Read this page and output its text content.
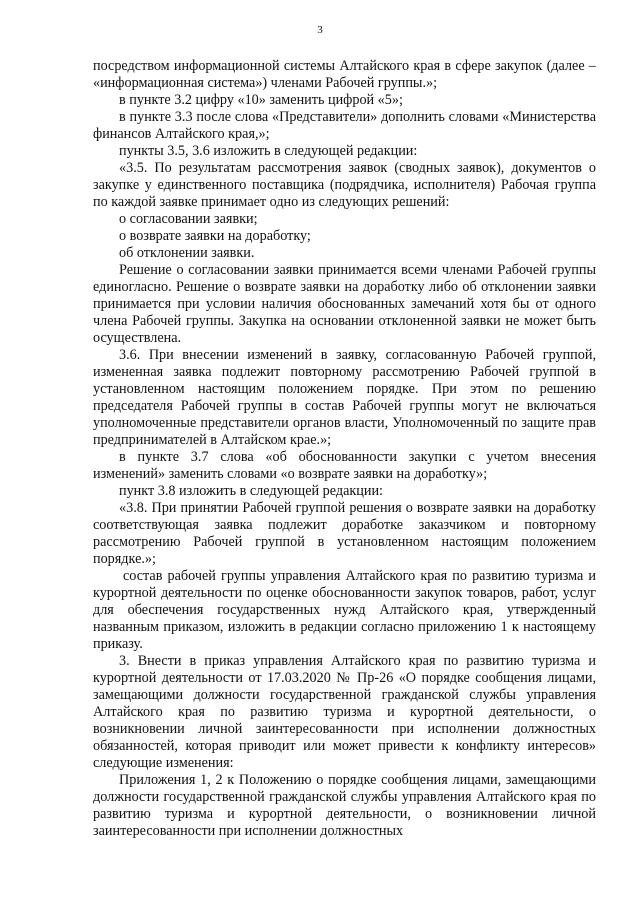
3

посредством информационной системы Алтайского края в сфере закупок (далее – «информационная система») членами Рабочей группы.»;

в пункте 3.2 цифру «10» заменить цифрой «5»;

в пункте 3.3 после слова «Представители» дополнить словами «Министерства финансов Алтайского края,»;

пункты 3.5, 3.6 изложить в следующей редакции:

«3.5. По результатам рассмотрения заявок (сводных заявок), документов о закупке у единственного поставщика (подрядчика, исполнителя) Рабочая группа по каждой заявке принимает одно из следующих решений:

о согласовании заявки;

о возврате заявки на доработку;

об отклонении заявки.

Решение о согласовании заявки принимается всеми членами Рабочей группы единогласно. Решение о возврате заявки на доработку либо об отклонении заявки принимается при условии наличия обоснованных замечаний хотя бы от одного члена Рабочей группы. Закупка на основании отклоненной заявки не может быть осуществлена.

3.6. При внесении изменений в заявку, согласованную Рабочей группой, измененная заявка подлежит повторному рассмотрению Рабочей группой в установленном настоящим положением порядке. При этом по решению председателя Рабочей группы в состав Рабочей группы могут не включаться уполномоченные представители органов власти, Уполномоченный по защите прав предпринимателей в Алтайском крае.»;

в пункте 3.7 слова «об обоснованности закупки с учетом внесения изменений» заменить словами «о возврате заявки на доработку»;

пункт 3.8 изложить в следующей редакции:

«3.8. При принятии Рабочей группой решения о возврате заявки на доработку соответствующая заявка подлежит доработке заказчиком и повторному рассмотрению Рабочей группой в установленном настоящим положением порядке.»;

состав рабочей группы управления Алтайского края по развитию туризма и курортной деятельности по оценке обоснованности закупок товаров, работ, услуг для обеспечения государственных нужд Алтайского края, утвержденный названным приказом, изложить в редакции согласно приложению 1 к настоящему приказу.

3. Внести в приказ управления Алтайского края по развитию туризма и курортной деятельности от 17.03.2020 № Пр-26 «О порядке сообщения лицами, замещающими должности государственной гражданской службы управления Алтайского края по развитию туризма и курортной деятельности, о возникновении личной заинтересованности при исполнении должностных обязанностей, которая приводит или может привести к конфликту интересов» следующие изменения:

Приложения 1, 2 к Положению о порядке сообщения лицами, замещающими должности государственной гражданской службы управления Алтайского края по развитию туризма и курортной деятельности, о возникновении личной заинтересованности при исполнении должностных
